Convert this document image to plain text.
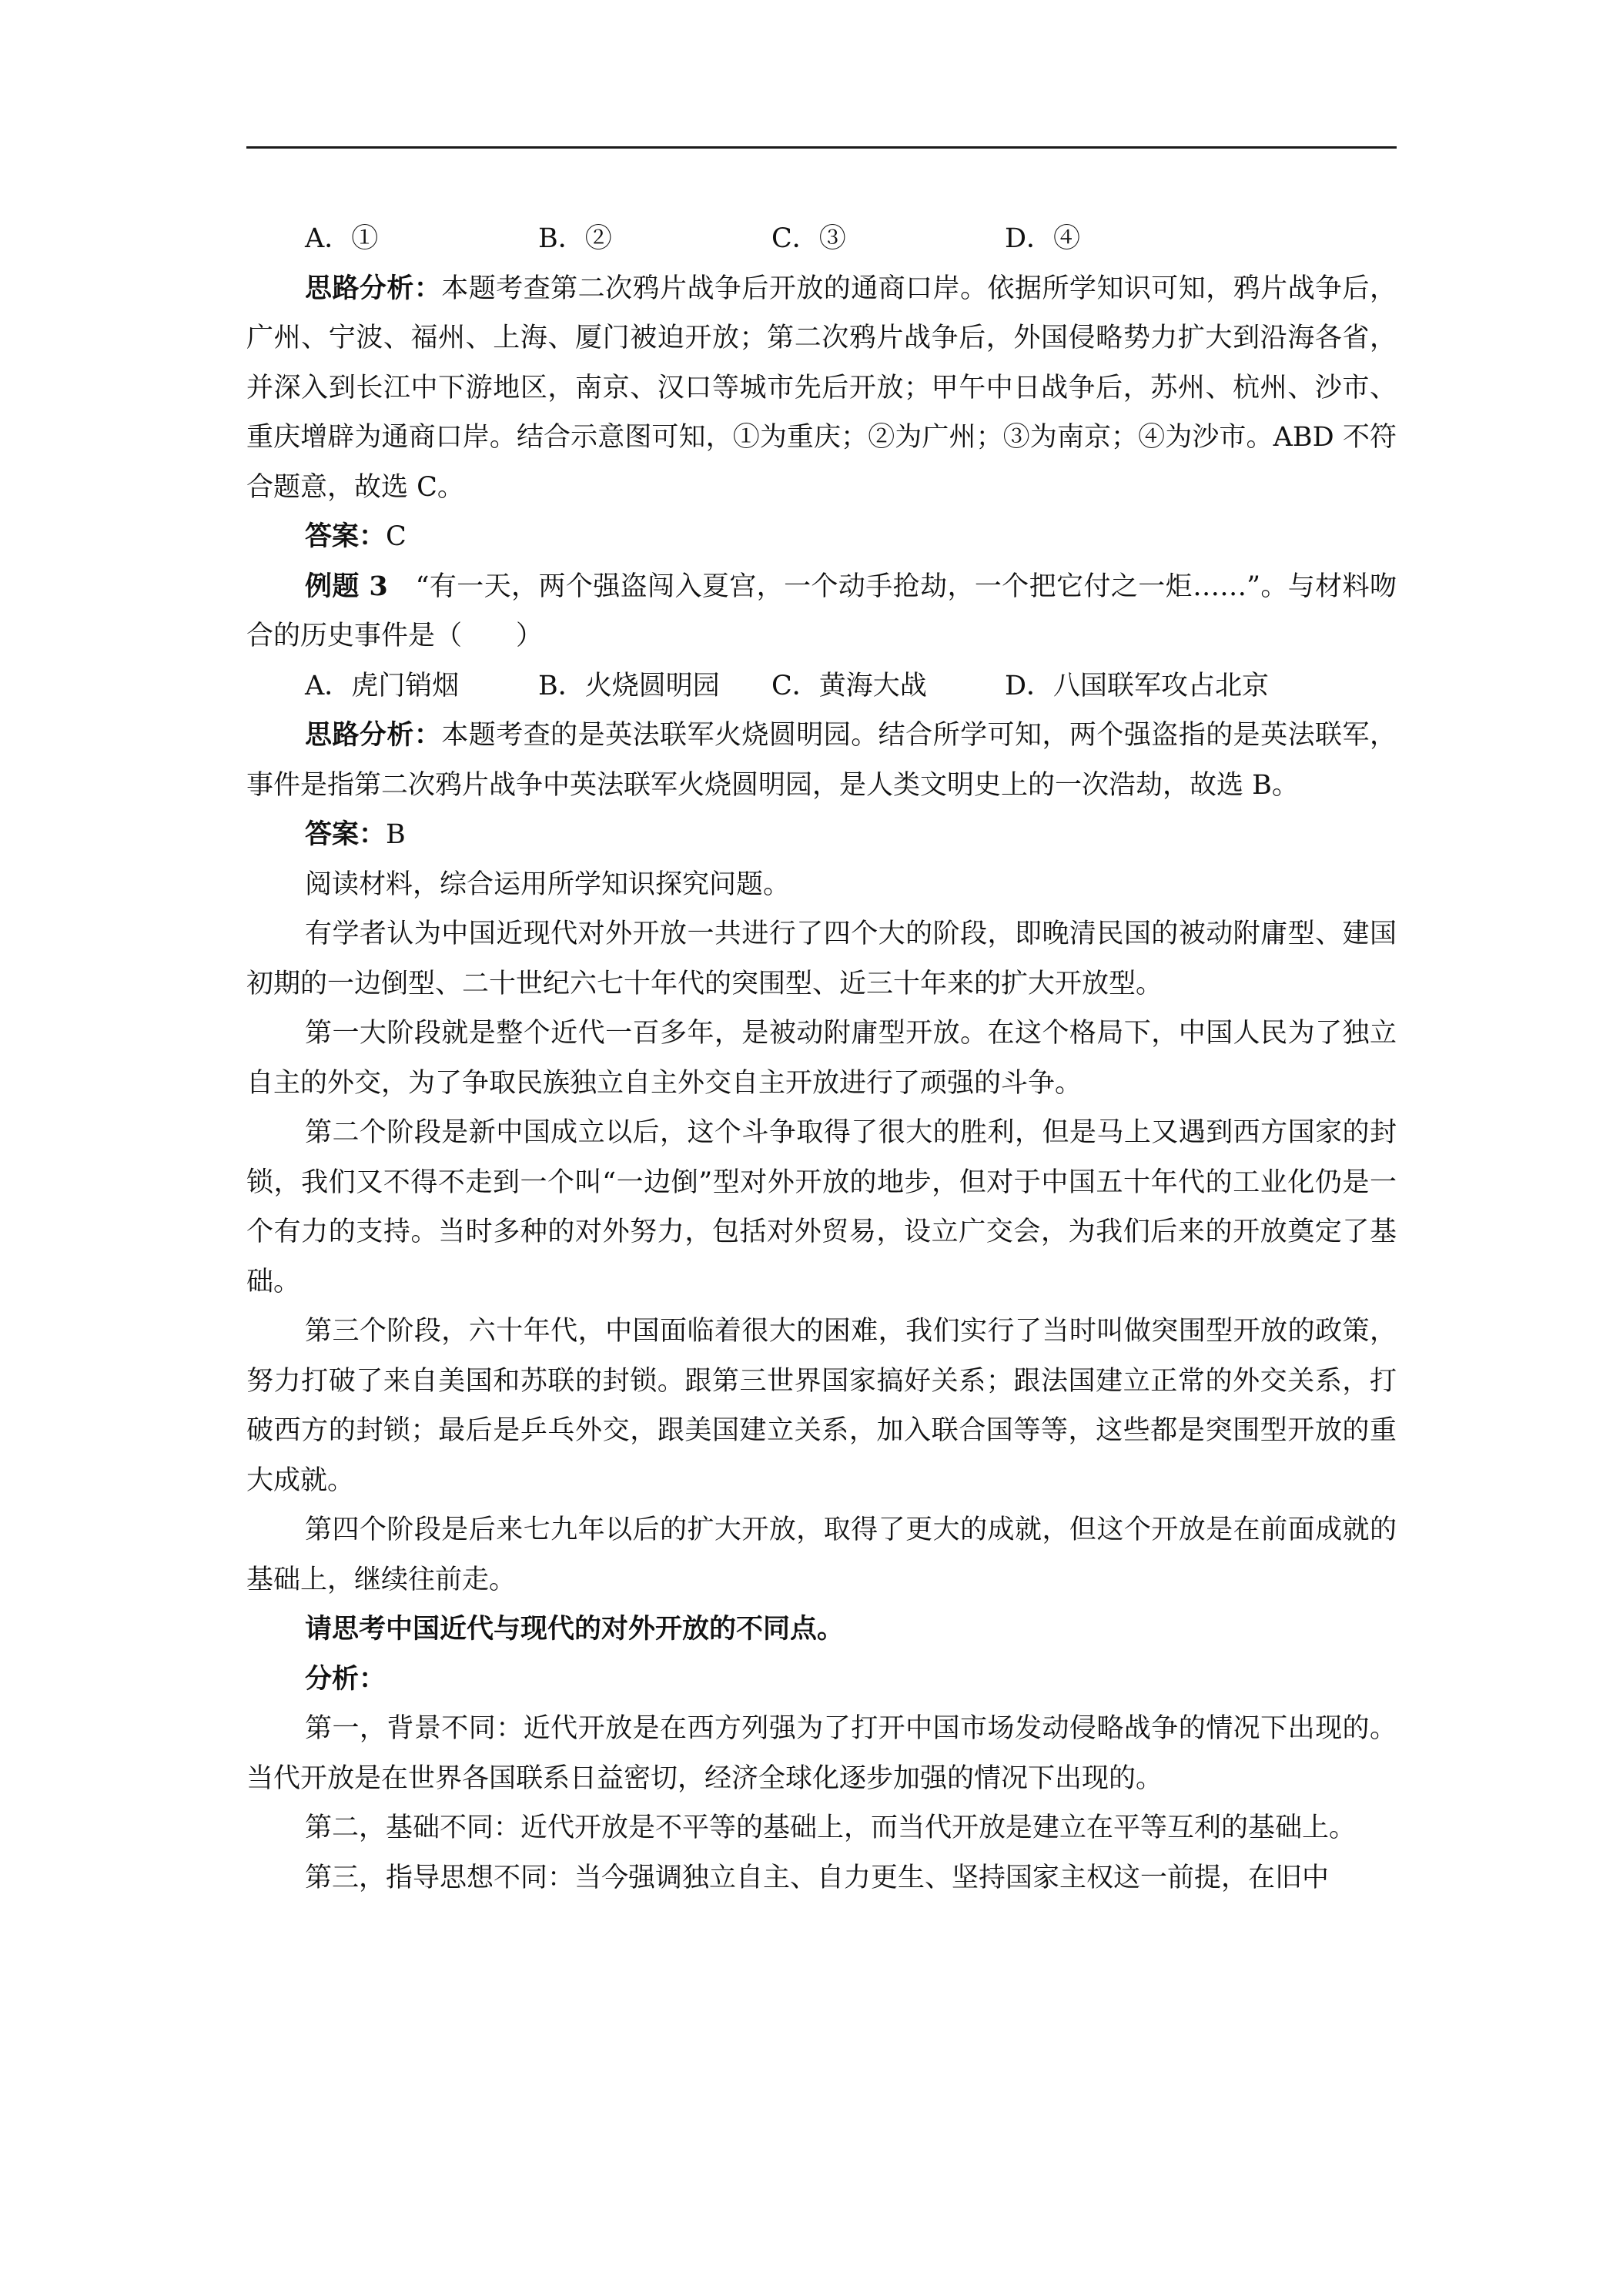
A．①	B．②	C．③	D．④

思路分析：本题考查第二次鸦片战争后开放的通商口岸。依据所学知识可知，鸦片战争后，广州、宁波、福州、上海、厦门被迫开放；第二次鸦片战争后，外国侵略势力扩大到沿海各省，并深入到长江中下游地区，南京、汉口等城市先后开放；甲午中日战争后，苏州、杭州、沙市、重庆增辟为通商口岸。结合示意图可知，①为重庆；②为广州；③为南京；④为沙市。ABD 不符合题意，故选 C。

答案：C

例题 3　 “有一天，两个强盗闯入夏宫，一个动手抢劫，一个把它付之一炬……”。与材料吻合的历史事件是（　　）

A．虎门销烟	B．火烧圆明园	C．黄海大战	D．八国联军攻占北京

思路分析：本题考查的是英法联军火烧圆明园。结合所学可知，两个强盗指的是英法联军，事件是指第二次鸦片战争中英法联军火烧圆明园，是人类文明史上的一次浩劫，故选 B。

答案：B

阅读材料，综合运用所学知识探究问题。

有学者认为中国近现代对外开放一共进行了四个大的阶段，即晚清民国的被动附庸型、建国初期的一边倒型、二十世纪六七十年代的突围型、近三十年来的扩大开放型。

第一大阶段就是整个近代一百多年，是被动附庸型开放。在这个格局下，中国人民为了独立自主的外交，为了争取民族独立自主外交自主开放进行了顽强的斗争。

第二个阶段是新中国成立以后，这个斗争取得了很大的胜利，但是马上又遇到西方国家的封锁，我们又不得不走到一个叫“一边倒”型对外开放的地步，但对于中国五十年代的工业化仍是一个有力的支持。当时多种的对外努力，包括对外贸易，设立广交会，为我们后来的开放奠定了基础。

第三个阶段，六十年代，中国面临着很大的困难，我们实行了当时叫做突围型开放的政策，努力打破了来自美国和苏联的封锁。跟第三世界国家搞好关系；跟法国建立正常的外交关系，打破西方的封锁；最后是乒乓外交，跟美国建立关系，加入联合国等等，这些都是突围型开放的重大成就。

第四个阶段是后来七九年以后的扩大开放，取得了更大的成就，但这个开放是在前面成就的基础上，继续往前走。

请思考中国近代与现代的对外开放的不同点。

分析：

第一，背景不同：近代开放是在西方列强为了打开中国市场发动侵略战争的情况下出现的。当代开放是在世界各国联系日益密切，经济全球化逐步加强的情况下出现的。

第二，基础不同：近代开放是不平等的基础上，而当代开放是建立在平等互利的基础上。

第三，指导思想不同：当今强调独立自主、自力更生、坚持国家主权这一前提，在旧中
